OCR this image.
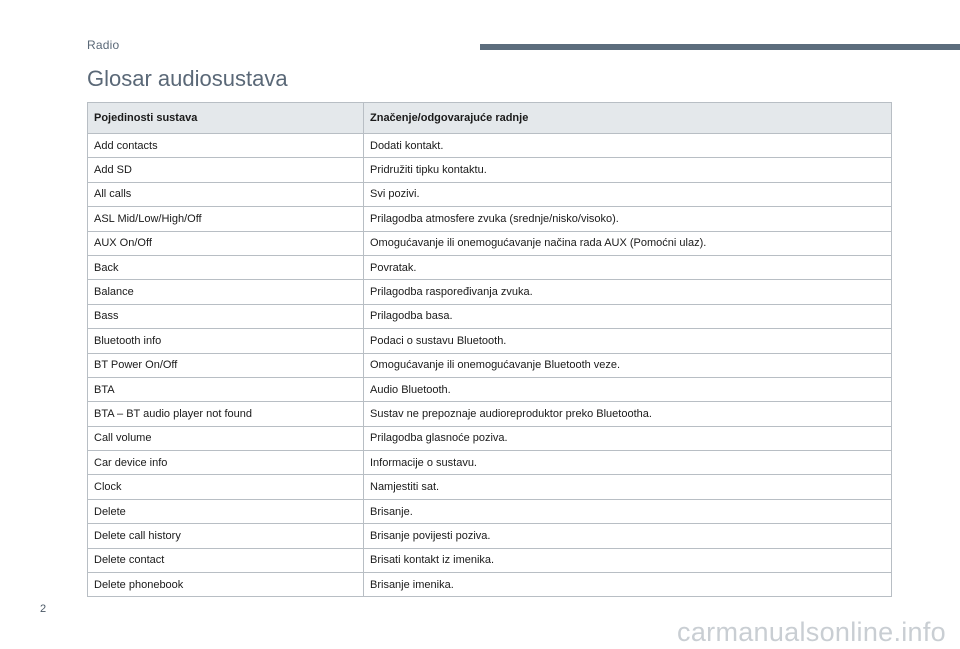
Radio
Glosar audiosustava
Pojedinosti sustava	Značenje/odgovarajuće radnje
Add contacts	Dodati kontakt.
Add SD	Pridružiti tipku kontaktu.
All calls	Svi pozivi.
ASL Mid/Low/High/Off	Prilagodba atmosfere zvuka (srednje/nisko/visoko).
AUX On/Off	Omogućavanje ili onemogućavanje načina rada AUX (Pomoćni ulaz).
Back	Povratak.
Balance	Prilagodba raspoređivanja zvuka.
Bass	Prilagodba basa.
Bluetooth info	Podaci o sustavu Bluetooth.
BT Power On/Off	Omogućavanje ili onemogućavanje Bluetooth veze.
BTA	Audio Bluetooth.
BTA – BT audio player not found	Sustav ne prepoznaje audioreproduktor preko Bluetootha.
Call volume	Prilagodba glasnoće poziva.
Car device info	Informacije o sustavu.
Clock	Namjestiti sat.
Delete	Brisanje.
Delete call history	Brisanje povijesti poziva.
Delete contact	Brisati kontakt iz imenika.
Delete phonebook	Brisanje imenika.
2
carmanualsonline.info
